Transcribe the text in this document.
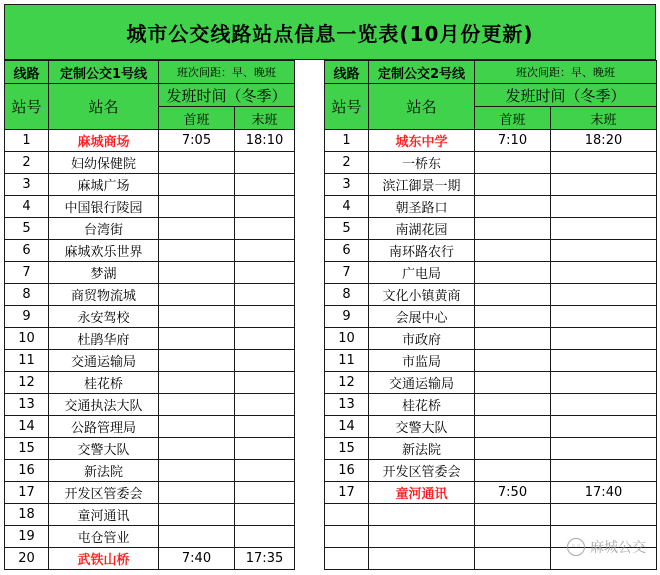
城市公交线路站点信息一览表(10月份更新)
线路	定制公交1号线	班次间距：早、晚班	
站号	站名	发班时间（冬季）	
		首班	末班
1	麻城商场	7:05	18:10
2	妇幼保健院		
3	麻城广场		
4	中国银行陵园		
5	台湾街		
6	麻城欢乐世界		
7	梦湖		
8	商贸物流城		
9	永安驾校		
10	杜鹃华府		
11	交通运输局		
12	桂花桥		
13	交通执法大队		
14	公路管理局		
15	交警大队		
16	新法院		
17	开发区管委会		
18	童河通讯		
19	屯仓管业		
20	武铁山桥	7:40	17:35
线路	定制公交2号线	班次间距：早、晚班	
站号	站名	发班时间（冬季）	
		首班	末班
1	城东中学	7:10	18:20
2	一桥东		
3	滨江御景一期		
4	朝圣路口		
5	南湖花园		
6	南环路农行		
7	广电局		
8	文化小镇黄商		
9	会展中心		
10	市政府		
11	市监局		
12	交通运输局		
13	桂花桥		
14	交警大队		
15	新法院		
16	开发区管委会		
17	童河通讯	7:50	17:40

◦◦ 麻城公交
